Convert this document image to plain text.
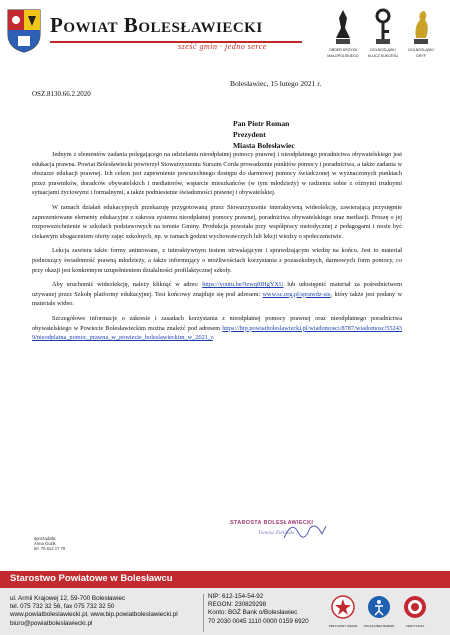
Powiat Bolesławiecki
sześć gmin · jedno serce	ORDER KRZYŻA
MAŁOPOLSKIEGO
DOLNOŚLĄSKI
KLUCZ SUKCESU
DOLNOŚLĄSKI
GRYF
Bolesławiec, 15 lutego 2021 r.
OSZ.8130.66.2.2020
Pan Piotr Roman
Prezydent
Miasta Bolesławiec

Jednym z elementów zadania polegającego na udzielaniu nieodpłatnej pomocy prawnej i nieodpłatnego poradnictwa obywatelskiego jest edukacja prawna. Powiat Bolesławiecki powierzył Stowarzyszeniu Sursum Corda prowadzenie punktów pomocy i poradnictwa, a także zadania w obszarze edukacji prawnej. Ich celem jest zapewnienie powszechnego dostępu do darmowej pomocy świadczonej w wyznaczonych punktach przez prawników, doradców obywatelskich i mediatorów, wsparcie mieszkańców (w tym młodzieży) w radzeniu sobie z różnymi trudnymi sytuacjami życiowymi i formalnymi, a także podniesienie świadomości prawnej i obywatelskiej.

W ramach działań edukacyjnych przekazuję przygotowaną przez Stowarzyszenie interaktywną wideolekcję, zawierającą przystępnie zaprezentowane elementy edukacyjne z zakresu systemu nieodpłatnej pomocy prawnej, poradnictwa obywatelskiego oraz mediacji. Proszę o jej rozpowszechnienie w szkołach podstawowych na terenie Gminy. Produkcja powstała przy współpracy metodycznej z pedagogami i może być ciekawym ubogaceniem oferty zajęć szkolnych, np. w ramach godzin wychowawczych lub lekcji wiedzy o społeczeństwie.

Lekcja zawiera także formy animowane, z interaktywnym testem utrwalającym i sprawdzającym wiedzę na końcu. Jest to materiał podnoszący świadomość prawną młodzieży, a także informujący o możliwościach korzystania z pozaszkolnych, darmowych form pomocy, co przy okazji jest konkretnym uzupełnieniem działalności profilaktycznej szkoły.

Aby uruchomić wideolekcję, należy kliknąć w adres: https://youtu.be/9zwqI0HgYXU lub udostępnić materiał za pośrednictwem używanej przez Szkołę platformy edukacyjnej. Test końcowy znajduje się pod adresem: www.sc.org.pl/sprawdz-sie, który także jest podany w materiale wideo.

Szczegółowe informacje o zakresie i zasadach korzystania z nieodpłatnej pomocy prawnej oraz nieodpłatnego poradnictwa obywatelskiego w Powiecie Bolesławieckim można znaleźć pod adresem https://bip.powiatboleslawiecki.pl/wiadomosci/8787/wiadomosc/552439/nieodplatna_pomoc_prawna_w_powiecie_boleslawieckim_w_2021_r.

STAROSTA BOLESŁAWIECKI
Tomasz Zieliński
sporządziła:
Anna Guzik
tel. 75 612 17 70
Starostwo Powiatowe w Bolesławcu
ul. Armii Krajowej 12, 59-700 Bolesławiec
tel. 075 732 32 56, fax 075 732 32 50
www.powiatboleslawiecki.pl, www.bip.powiatboleslawiecki.pl
biuro@powiatboleslawiecki.pl
NIP: 612-154-54-92
REGON: 230829298
Konto: BGŻ Bank o/Bolesławiec
70 2030 0045 1110 0000 0159 6920
PRZYJAZNY URZĄD	POLSKA BEZ BARIER	CERTYFIKAT
